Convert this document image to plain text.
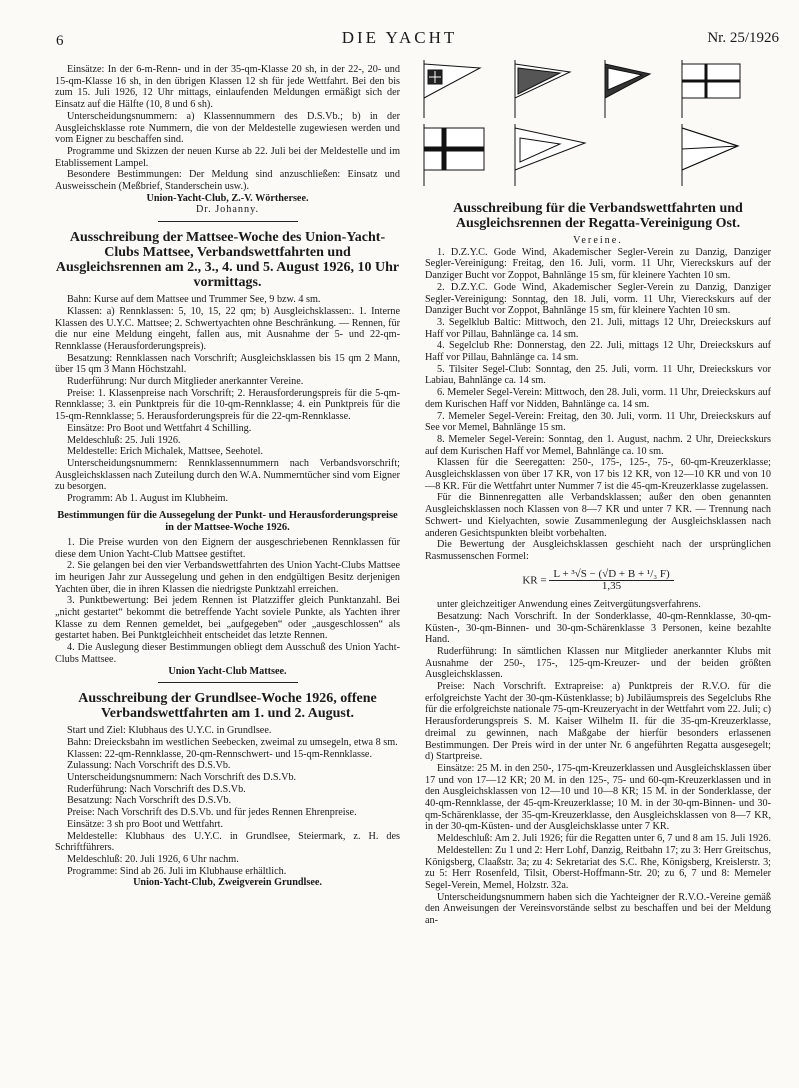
6	DIE YACHT	Nr. 25/1926

Einsätze: In der 6-m-Renn- und in der 35-qm-Klasse 20 sh, in der 22-, 20- und 15-qm-Klasse 16 sh, in den übrigen Klassen 12 sh für jede Wettfahrt. Bei den bis zum 15. Juli 1926, 12 Uhr mittags, einlaufenden Meldungen ermäßigt sich der Einsatz auf die Hälfte (10, 8 und 6 sh).

Unterscheidungsnummern: a) Klassennummern des D.S.Vb.; b) in der Ausgleichsklasse rote Nummern, die von der Meldestelle zugewiesen werden und vom Eigner zu beschaffen sind.

Programme und Skizzen der neuen Kurse ab 22. Juli bei der Meldestelle und im Etablissement Lampel.

Besondere Bestimmungen: Der Meldung sind anzuschließen: Einsatz und Ausweisschein (Meßbrief, Standerschein usw.).

Union-Yacht-Club, Z.-V. Wörthersee.

Dr. Johanny.

Ausschreibung der Mattsee-Woche des Union-Yacht-Clubs Mattsee, Verbandswettfahrten und Ausgleichsrennen am 2., 3., 4. und 5. August 1926, 10 Uhr vormittags.

Bahn: Kurse auf dem Mattsee und Trummer See, 9 bzw. 4 sm.

Klassen: a) Rennklassen: 5, 10, 15, 22 qm; b) Ausgleichsklassen:. 1. Interne Klassen des U.Y.C. Mattsee; 2. Schwertyachten ohne Beschränkung. — Rennen, für die nur eine Meldung eingeht, fallen aus, mit Ausnahme der 5- und 22-qm-Rennklasse (Herausforderungspreis).

Besatzung: Rennklassen nach Vorschrift; Ausgleichsklassen bis 15 qm 2 Mann, über 15 qm 3 Mann Höchstzahl.

Ruderführung: Nur durch Mitglieder anerkannter Vereine.

Preise: 1. Klassenpreise nach Vorschrift; 2. Herausforderungspreis für die 5-qm-Rennklasse; 3. ein Punktpreis für die 10-qm-Rennklasse; 4. ein Punktpreis für die 15-qm-Rennklasse; 5. Herausforderungspreis für die 22-qm-Rennklasse.

Einsätze: Pro Boot und Wettfahrt 4 Schilling.

Meldeschluß: 25. Juli 1926.

Meldestelle: Erich Michalek, Mattsee, Seehotel.

Unterscheidungsnummern: Rennklassennummern nach Verbandsvorschrift; Ausgleichsklassen nach Zuteilung durch den W.A. Nummerntücher sind vom Eigner zu besorgen.

Programm: Ab 1. August im Klubheim.

Bestimmungen für die Aussegelung der Punkt- und Herausforderungspreise in der Mattsee-Woche 1926.

1. Die Preise wurden von den Eignern der ausgeschriebenen Rennklassen für diese dem Union Yacht-Club Mattsee gestiftet.

2. Sie gelangen bei den vier Verbandswettfahrten des Union Yacht-Clubs Mattsee im heurigen Jahr zur Aussegelung und gehen in den endgültigen Besitz derjenigen Yachten über, die in ihren Klassen die niedrigste Punktzahl erreichen.

3. Punktbewertung: Bei jedem Rennen ist Platzziffer gleich Punktanzahl. Bei „nicht gestartet“ bekommt die betreffende Yacht soviele Punkte, als Yachten ihrer Klasse zu dem Rennen gemeldet, bei „aufgegeben“ oder „ausgeschlossen“ als gestartet haben. Bei Punktgleichheit entscheidet das letzte Rennen.

4. Die Auslegung dieser Bestimmungen obliegt dem Ausschuß des Union Yacht-Clubs Mattsee.

Union Yacht-Club Mattsee.

Ausschreibung der Grundlsee-Woche 1926, offene Verbandswettfahrten am 1. und 2. August.

Start und Ziel: Klubhaus des U.Y.C. in Grundlsee.

Bahn: Dreiecksbahn im westlichen Seebecken, zweimal zu umsegeln, etwa 8 sm.

Klassen: 22-qm-Rennklasse, 20-qm-Rennschwert- und 15-qm-Rennklasse.

Zulassung: Nach Vorschrift des D.S.Vb.

Unterscheidungsnummern: Nach Vorschrift des D.S.Vb.

Ruderführung: Nach Vorschrift des D.S.Vb.

Besatzung: Nach Vorschrift des D.S.Vb.

Preise: Nach Vorschrift des D.S.Vb. und für jedes Rennen Ehrenpreise.

Einsätze: 3 sh pro Boot und Wettfahrt.

Meldestelle: Klubhaus des U.Y.C. in Grundlsee, Steiermark, z. H. des Schriftführers.

Meldeschluß: 20. Juli 1926, 6 Uhr nachm.

Programme: Sind ab 26. Juli im Klubhause erhältlich.

Union-Yacht-Club, Zweigverein Grundlsee.

Ausschreibung für die Verbandswettfahrten und Ausgleichsrennen der Regatta-Vereinigung Ost.

Vereine.

1. D.Z.Y.C. Gode Wind, Akademischer Segler-Verein zu Danzig, Danziger Segler-Vereinigung: Freitag, den 16. Juli, vorm. 11 Uhr, Viereckskurs auf der Danziger Bucht vor Zoppot, Bahnlänge 15 sm, für kleinere Yachten 10 sm.

2. D.Z.Y.C. Gode Wind, Akademischer Segler-Verein zu Danzig, Danziger Segler-Vereinigung: Sonntag, den 18. Juli, vorm. 11 Uhr, Viereckskurs auf der Danziger Bucht vor Zoppot, Bahnlänge 15 sm, für kleinere Yachten 10 sm.

3. Segelklub Baltic: Mittwoch, den 21. Juli, mittags 12 Uhr, Dreieckskurs auf Haff vor Pillau, Bahnlänge ca. 14 sm.

4. Segelclub Rhe: Donnerstag, den 22. Juli, mittags 12 Uhr, Dreieckskurs auf Haff vor Pillau, Bahnlänge ca. 14 sm.

5. Tilsiter Segel-Club: Sonntag, den 25. Juli, vorm. 11 Uhr, Dreieckskurs vor Labiau, Bahnlänge ca. 14 sm.

6. Memeler Segel-Verein: Mittwoch, den 28. Juli, vorm. 11 Uhr, Dreieckskurs auf dem Kurischen Haff vor Nidden, Bahnlänge ca. 14 sm.

7. Memeler Segel-Verein: Freitag, den 30. Juli, vorm. 11 Uhr, Dreieckskurs auf See vor Memel, Bahnlänge 15 sm.

8. Memeler Segel-Verein: Sonntag, den 1. August, nachm. 2 Uhr, Dreieckskurs auf dem Kurischen Haff vor Memel, Bahnlänge ca. 10 sm.

Klassen für die Seeregatten: 250-, 175-, 125-, 75-, 60-qm-Kreuzerklasse; Ausgleichsklassen von über 17 KR, von 17 bis 12 KR, von 12—10 KR und von 10—8 KR. Für die Wettfahrt unter Nummer 7 ist die 45-qm-Kreuzerklasse zugelassen.

Für die Binnenregatten alle Verbandsklassen; außer den oben genannten Ausgleichsklassen noch Klassen von 8—7 KR und unter 7 KR. — Trennung nach Schwert- und Kielyachten, sowie Zusammenlegung der Ausgleichsklassen nach anderen Gesichtspunkten bleibt vorbehalten.

Die Bewertung der Ausgleichsklassen geschieht nach der ursprünglichen Rasmussenschen Formel:

KR = $\frac{\text{L + ³√S − (√D + B + ¹/₃ F)}}{1,35}$

unter gleichzeitiger Anwendung eines Zeitvergütungsverfahrens.

Besatzung: Nach Vorschrift. In der Sonderklasse, 40-qm-Rennklasse, 30-qm-Küsten-, 30-qm-Binnen- und 30-qm-Schärenklasse 3 Personen, keine bezahlte Hand.

Ruderführung: In sämtlichen Klassen nur Mitglieder anerkannter Klubs mit Ausnahme der 250-, 175-, 125-qm-Kreuzer- und der beiden größten Ausgleichsklassen.

Preise: Nach Vorschrift. Extrapreise: a) Punktpreis der R.V.O. für die erfolgreichste Yacht der 30-qm-Küstenklasse; b) Jubiläumspreis des Segelclubs Rhe für die erfolgreichste nationale 75-qm-Kreuzeryacht in der Wettfahrt vom 22. Juli; c) Herausforderungspreis S. M. Kaiser Wilhelm II. für die 35-qm-Kreuzerklasse, dreimal zu gewinnen, nach Maßgabe der hierfür besonders erlassenen Bestimmungen. Der Preis wird in der unter Nr. 6 angeführten Regatta ausgesegelt; d) Startpreise.

Einsätze: 25 M. in den 250-, 175-qm-Kreuzerklassen und Ausgleichsklassen über 17 und von 17—12 KR; 20 M. in den 125-, 75- und 60-qm-Kreuzerklassen und in den Ausgleichsklassen von 12—10 und 10—8 KR; 15 M. in der Sonderklasse, der 40-qm-Rennklasse, der 45-qm-Kreuzerklasse; 10 M. in der 30-qm-Binnen- und 30-qm-Schärenklasse, der 35-qm-Kreuzerklasse, den Ausgleichsklassen von 8—7 KR, in der 30-qm-Küsten- und der Ausgleichsklasse unter 7 KR.

Meldeschluß: Am 2. Juli 1926; für die Regatten unter 6, 7 und 8 am 15. Juli 1926.

Meldestellen: Zu 1 und 2: Herr Lohf, Danzig, Reitbahn 17; zu 3: Herr Greitschus, Königsberg, Claaßstr. 3a; zu 4: Sekretariat des S.C. Rhe, Königsberg, Kreislerstr. 3; zu 5: Herr Rosenfeld, Tilsit, Oberst-Hoffmann-Str. 20; zu 6, 7 und 8: Memeler Segel-Verein, Memel, Holzstr. 32a.

Unterscheidungsnummern haben sich die Yachteigner der R.V.O.-Vereine gemäß den Anweisungen der Vereinsvorstände selbst zu beschaffen und bei der Meldung an-
